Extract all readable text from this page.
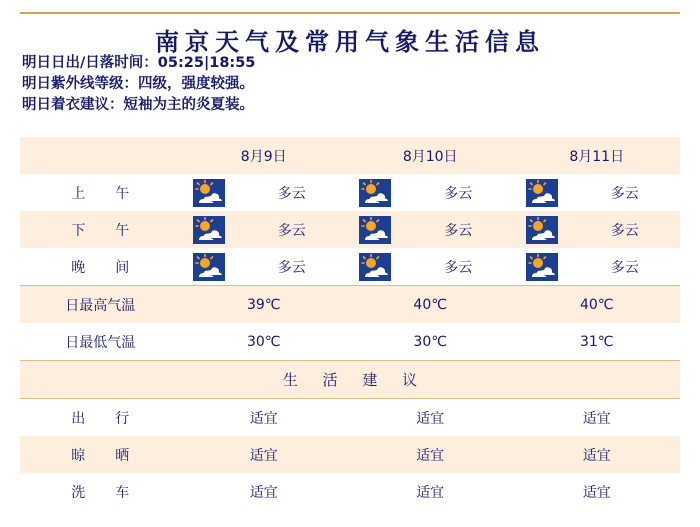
南京天气及常用气象生活信息
明日日出/日落时间：05:25|18:55
明日紫外线等级：四级，强度较强。
明日着衣建议：短袖为主的炎夏装。
	8月9日		8月10日		8月11日	
上　午		多云		多云		多云
下　午		多云		多云		多云
晚　间		多云		多云		多云
日最高气温	39℃		40℃		40℃	
日最低气温	30℃		30℃		31℃	
生 活 建 议						
出　行	适宜		适宜		适宜	
晾　晒	适宜		适宜		适宜	
洗　车	适宜		适宜		适宜	
